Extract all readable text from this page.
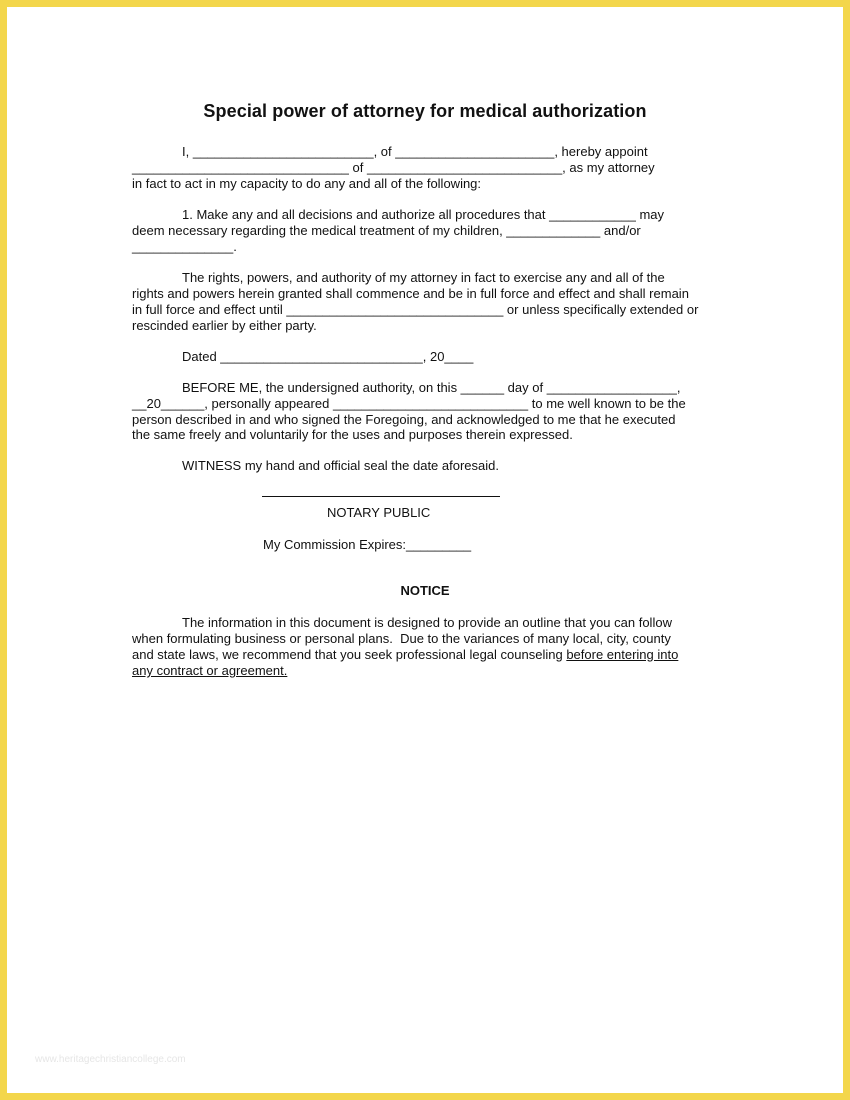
Special power of attorney for medical authorization
I, _________________________, of ______________________, hereby appoint
______________________________ of ___________________________, as my attorney
in fact to act in my capacity to do any and all of the following:
1. Make any and all decisions and authorize all procedures that ____________ may
deem necessary regarding the medical treatment of my children, _____________ and/or
______________.
The rights, powers, and authority of my attorney in fact to exercise any and all of the
rights and powers herein granted shall commence and be in full force and effect and shall remain
in full force and effect until ______________________________ or unless specifically extended or
rescinded earlier by either party.
Dated ____________________________, 20____
BEFORE ME, the undersigned authority, on this ______ day of __________________,
__20______, personally appeared ___________________________ to me well known to be the
person described in and who signed the Foregoing, and acknowledged to me that he executed
the same freely and voluntarily for the uses and purposes therein expressed.
WITNESS my hand and official seal the date aforesaid.
NOTARY PUBLIC
My Commission Expires:_________
NOTICE
The information in this document is designed to provide an outline that you can follow
when formulating business or personal plans.  Due to the variances of many local, city, county
and state laws, we recommend that you seek professional legal counseling before entering into
any contract or agreement.
www.heritagechristiancollege.com
